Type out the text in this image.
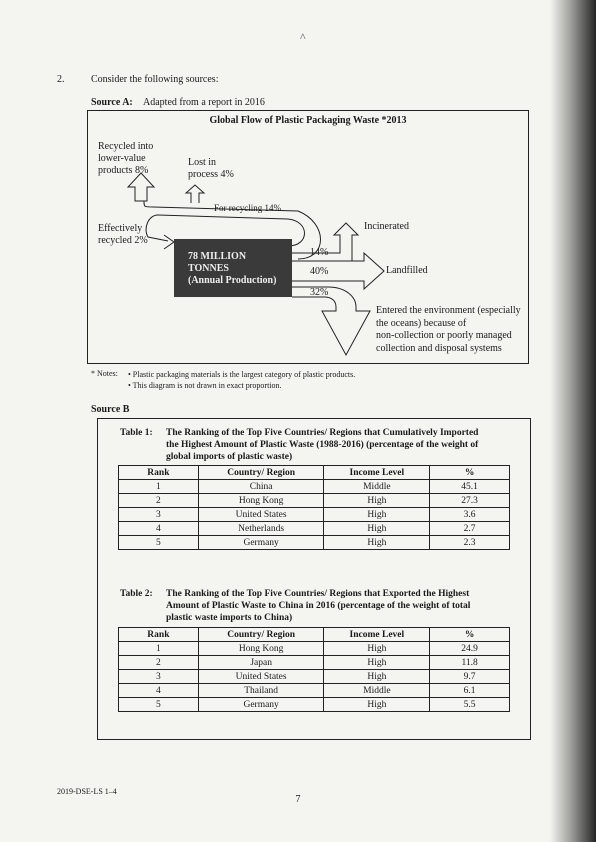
^
2.	Consider the following sources:
Source A: Adapted from a report in 2016
Global Flow of Plastic Packaging Waste *2013
Recycled into
lower-value
products 8%
Lost in
process 4%
For recycling 14%
Effectively
recycled 2%
78 MILLION
TONNES
(Annual Production)
14%
40%
32%
Incinerated
Landfilled
Entered the environment (especially
the oceans) because of
non-collection or poorly managed
collection and disposal systems
* Notes: • Plastic packaging materials is the largest category of plastic products.
• This diagram is not drawn in exact proportion.
Source B
Table 1: The Ranking of the Top Five Countries/ Regions that Cumulatively Imported
the Highest Amount of Plastic Waste (1988-2016) (percentage of the weight of
global imports of plastic waste)
Rank	Country/ Region	Income Level	%
1	China	Middle	45.1
2	Hong Kong	High	27.3
3	United States	High	3.6
4	Netherlands	High	2.7
5	Germany	High	2.3
Table 2: The Ranking of the Top Five Countries/ Regions that Exported the Highest
Amount of Plastic Waste to China in 2016 (percentage of the weight of total
plastic waste imports to China)
Rank	Country/ Region	Income Level	%
1	Hong Kong	High	24.9
2	Japan	High	11.8
3	United States	High	9.7
4	Thailand	Middle	6.1
5	Germany	High	5.5
2019-DSE-LS 1–4
7
